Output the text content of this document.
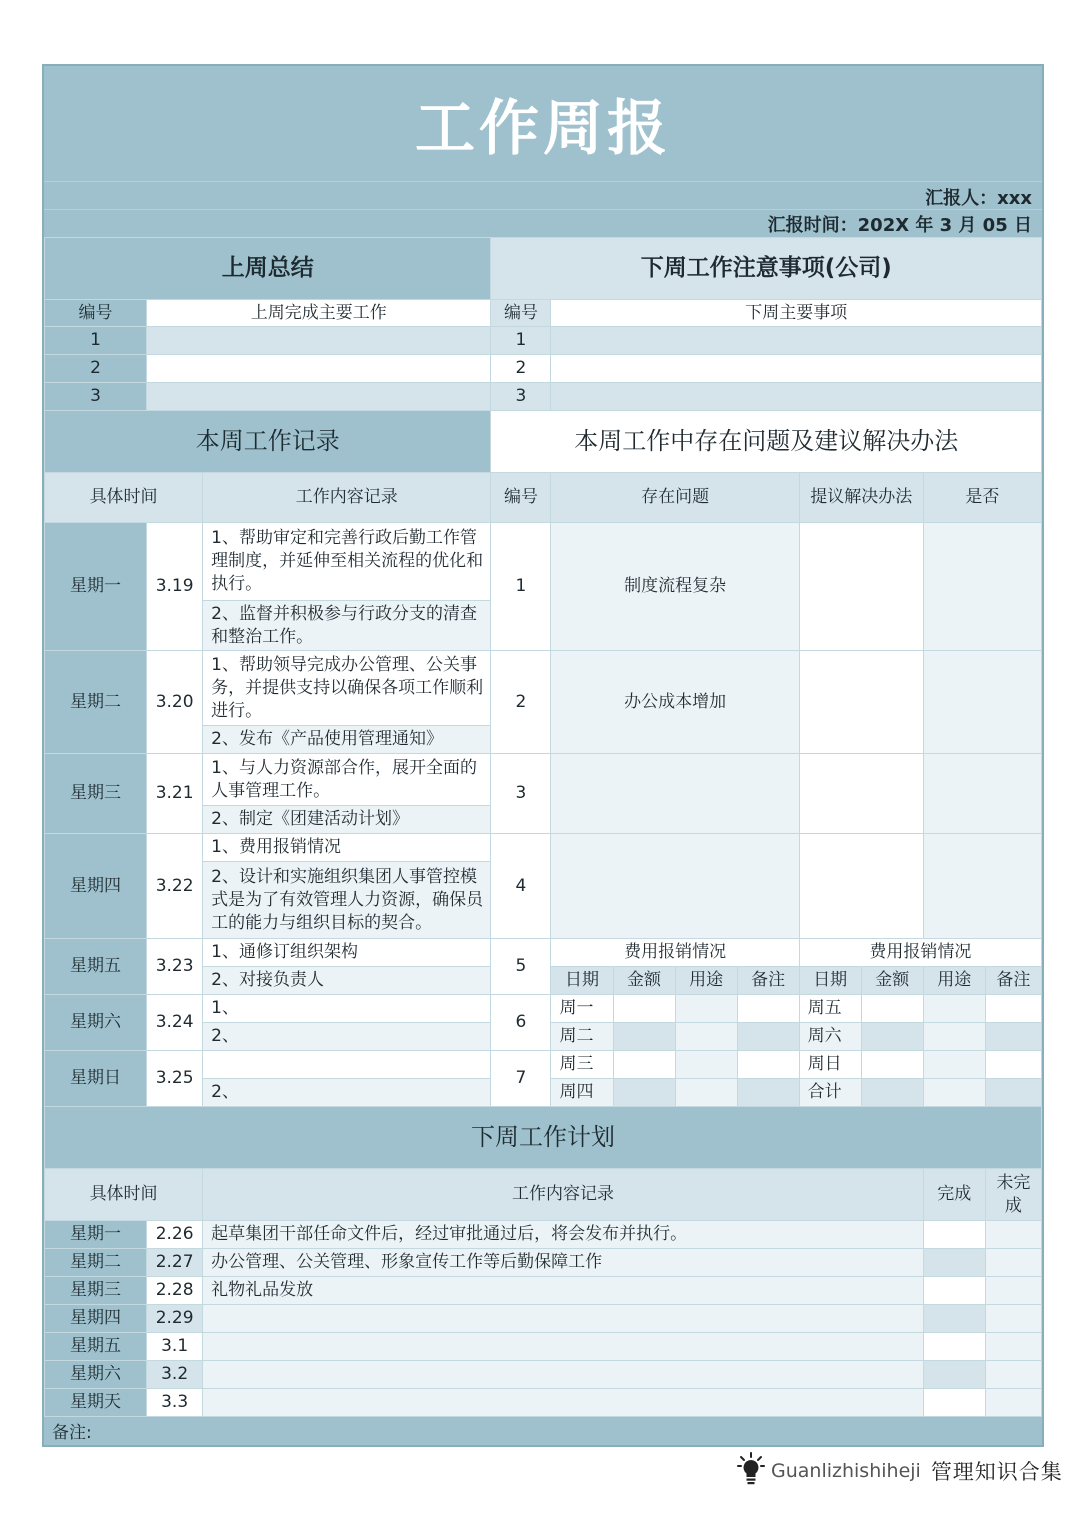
工作周报
汇报人：xxx
汇报时间：202X 年 3 月 05 日
上周总结			下周工作注意事项(公司)								
编号	上周完成主要工作		编号	下周主要事项							
1			1								
2			2								
3			3								
本周工作记录			本周工作中存在问题及建议解决办法								
具体时间		工作内容记录	编号	存在问题				提议解决办法		是否	
星期一	3.19	1、帮助审定和完善行政后勤工作管理制度，并延伸至相关流程的优化和执行。	1	制度流程复杂							
		2、监督并积极参与行政分支的清查和整治工作。									
星期二	3.20	1、帮助领导完成办公管理、公关事务，并提供支持以确保各项工作顺利进行。	2	办公成本增加							
		2、发布《产品使用管理通知》									
星期三	3.21	1、与人力资源部合作，展开全面的人事管理工作。	3								
		2、制定《团建活动计划》									
星期四	3.22	1、费用报销情况	4								
		2、设计和实施组织集团人事管控模式是为了有效管理人力资源，确保员工的能力与组织目标的契合。									
星期五	3.23	1、通修订组织架构	5	费用报销情况				费用报销情况			
		2、对接负责人		日期	金额	用途	备注	日期	金额	用途	备注
星期六	3.24	1、	6	周一				周五			
		2、		周二				周六			
星期日	3.25		7	周三				周日			
		2、		周四				合计			
下周工作计划											
具体时间		工作内容记录								完成	未完成
星期一	2.26	起草集团干部任命文件后，经过审批通过后，将会发布并执行。									
星期二	2.27	办公管理、公关管理、形象宣传工作等后勤保障工作									
星期三	2.28	礼物礼品发放									
星期四	2.29										
星期五	3.1										
星期六	3.2										
星期天	3.3										
备注:
Guanlizhishiheji 管理知识合集
